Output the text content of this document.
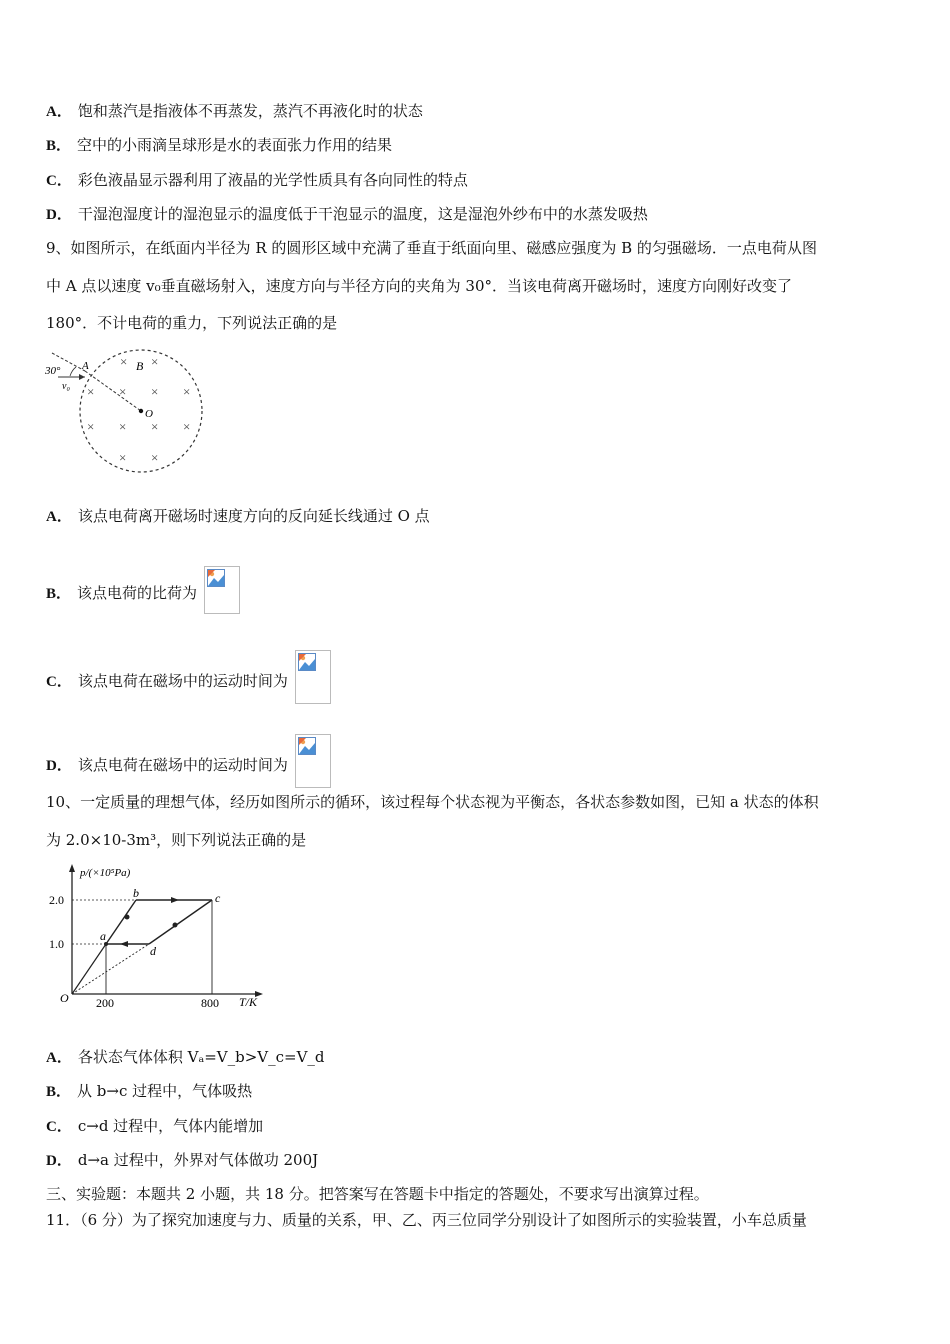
A． 饱和蒸汽是指液体不再蒸发，蒸汽不再液化时的状态
B． 空中的小雨滴呈球形是水的表面张力作用的结果
C． 彩色液晶显示器利用了液晶的光学性质具有各向同性的特点
D． 干湿泡湿度计的湿泡显示的温度低于干泡显示的温度，这是湿泡外纱布中的水蒸发吸热
9、如图所示，在纸面内半径为 R 的圆形区域中充满了垂直于纸面向里、磁感应强度为 B 的匀强磁场．一点电荷从图
中 A 点以速度 v₀垂直磁场射入，速度方向与半径方向的夹角为 30°．当该电荷离开磁场时，速度方向刚好改变了
180°．不计电荷的重力，下列说法正确的是
30° A
v₀
B
O
× ×
× × × ×
× × × ×
× ×
A． 该点电荷离开磁场时速度方向的反向延长线通过 O 点
B． 该点电荷的比荷为
C． 该点电荷在磁场中的运动时间为
D． 该点电荷在磁场中的运动时间为
10、一定质量的理想气体，经历如图所示的循环，该过程每个状态视为平衡态，各状态参数如图，已知 a 状态的体积
为 2.0×10-3m³，则下列说法正确的是
p/(×10⁵Pa)
T/K
O
2.0
1.0
200	800
a
b	c
d
A． 各状态气体体积 Vₐ=V_b>V_c=V_d
B． 从 b→c 过程中，气体吸热
C． c→d 过程中，气体内能增加
D． d→a 过程中，外界对气体做功 200J
三、实验题：本题共 2 小题，共 18 分。把答案写在答题卡中指定的答题处，不要求写出演算过程。
11．（6 分）为了探究加速度与力、质量的关系，甲、乙、丙三位同学分别设计了如图所示的实验装置，小车总质量
